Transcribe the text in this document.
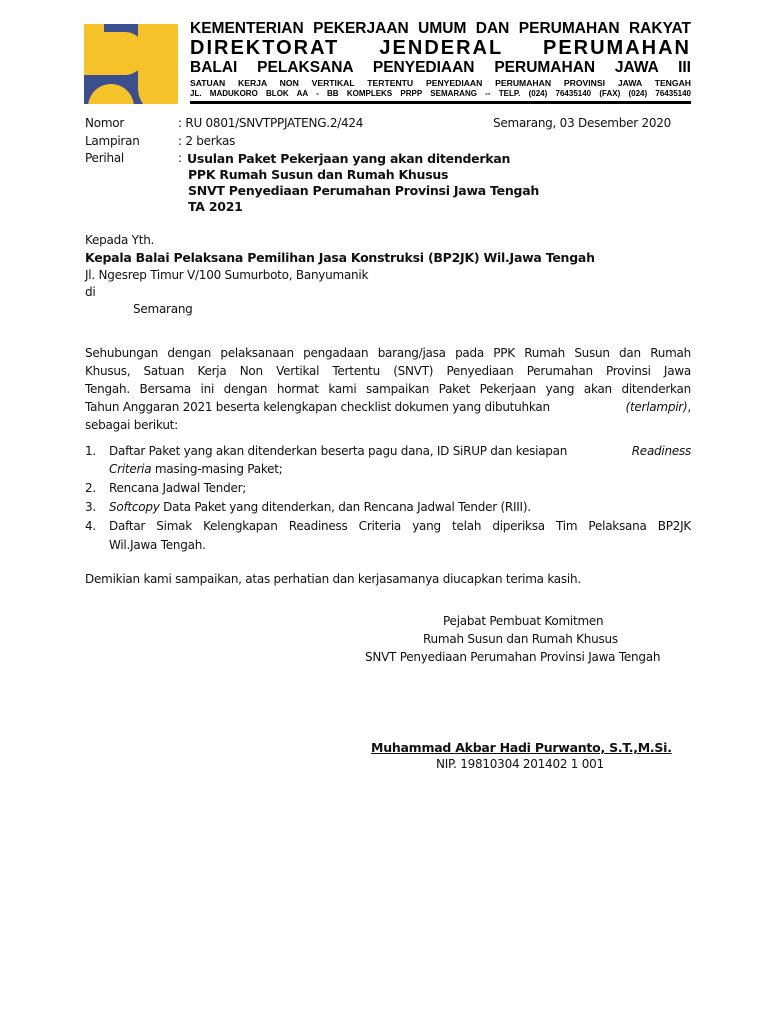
KEMENTERIAN PEKERJAAN UMUM DAN PERUMAHAN RAKYAT
DIREKTORAT JENDERAL PERUMAHAN
BALAI PELAKSANA PENYEDIAAN PERUMAHAN JAWA III
SATUAN KERJA NON VERTIKAL TERTENTU PENYEDIAAN PERUMAHAN PROVINSI JAWA TENGAH
JL. MADUKORO BLOK AA - BB KOMPLEKS PRPP SEMARANG -- TELP. (024) 76435140 (FAX) (024) 76435140
Nomor	: RU 0801/SNVTPPJATENG.2/424	Semarang, 03 Desember 2020
Lampiran	: 2 berkas
Perihal	: Usulan Paket Pekerjaan yang akan ditenderkan
PPK Rumah Susun dan Rumah Khusus
SNVT Penyediaan Perumahan Provinsi Jawa Tengah
TA 2021
Kepada Yth.
Kepala Balai Pelaksana Pemilihan Jasa Konstruksi (BP2JK) Wil.Jawa Tengah
Jl. Ngesrep Timur V/100 Sumurboto, Banyumanik
di
Semarang
Sehubungan dengan pelaksanaan pengadaan barang/jasa pada PPK Rumah Susun dan Rumah
Khusus, Satuan Kerja Non Vertikal Tertentu (SNVT) Penyediaan Perumahan Provinsi Jawa
Tengah. Bersama ini dengan hormat kami sampaikan Paket Pekerjaan yang akan ditenderkan
Tahun Anggaran 2021 beserta kelengkapan checklist dokumen yang dibutuhkan	(terlampir),
sebagai berikut:
1. Daftar Paket yang akan ditenderkan beserta pagu dana, ID SiRUP dan kesiapan	Readiness
Criteria masing-masing Paket;
2. Rencana Jadwal Tender;
3. Softcopy Data Paket yang ditenderkan, dan Rencana Jadwal Tender (RIII).
4. Daftar Simak Kelengkapan Readiness Criteria yang telah diperiksa Tim Pelaksana BP2JK
Wil.Jawa Tengah.
Demikian kami sampaikan, atas perhatian dan kerjasamanya diucapkan terima kasih.
Pejabat Pembuat Komitmen
Rumah Susun dan Rumah Khusus
SNVT Penyediaan Perumahan Provinsi Jawa Tengah
Muhammad Akbar Hadi Purwanto, S.T.,M.Si.
NIP. 19810304 201402 1 001
